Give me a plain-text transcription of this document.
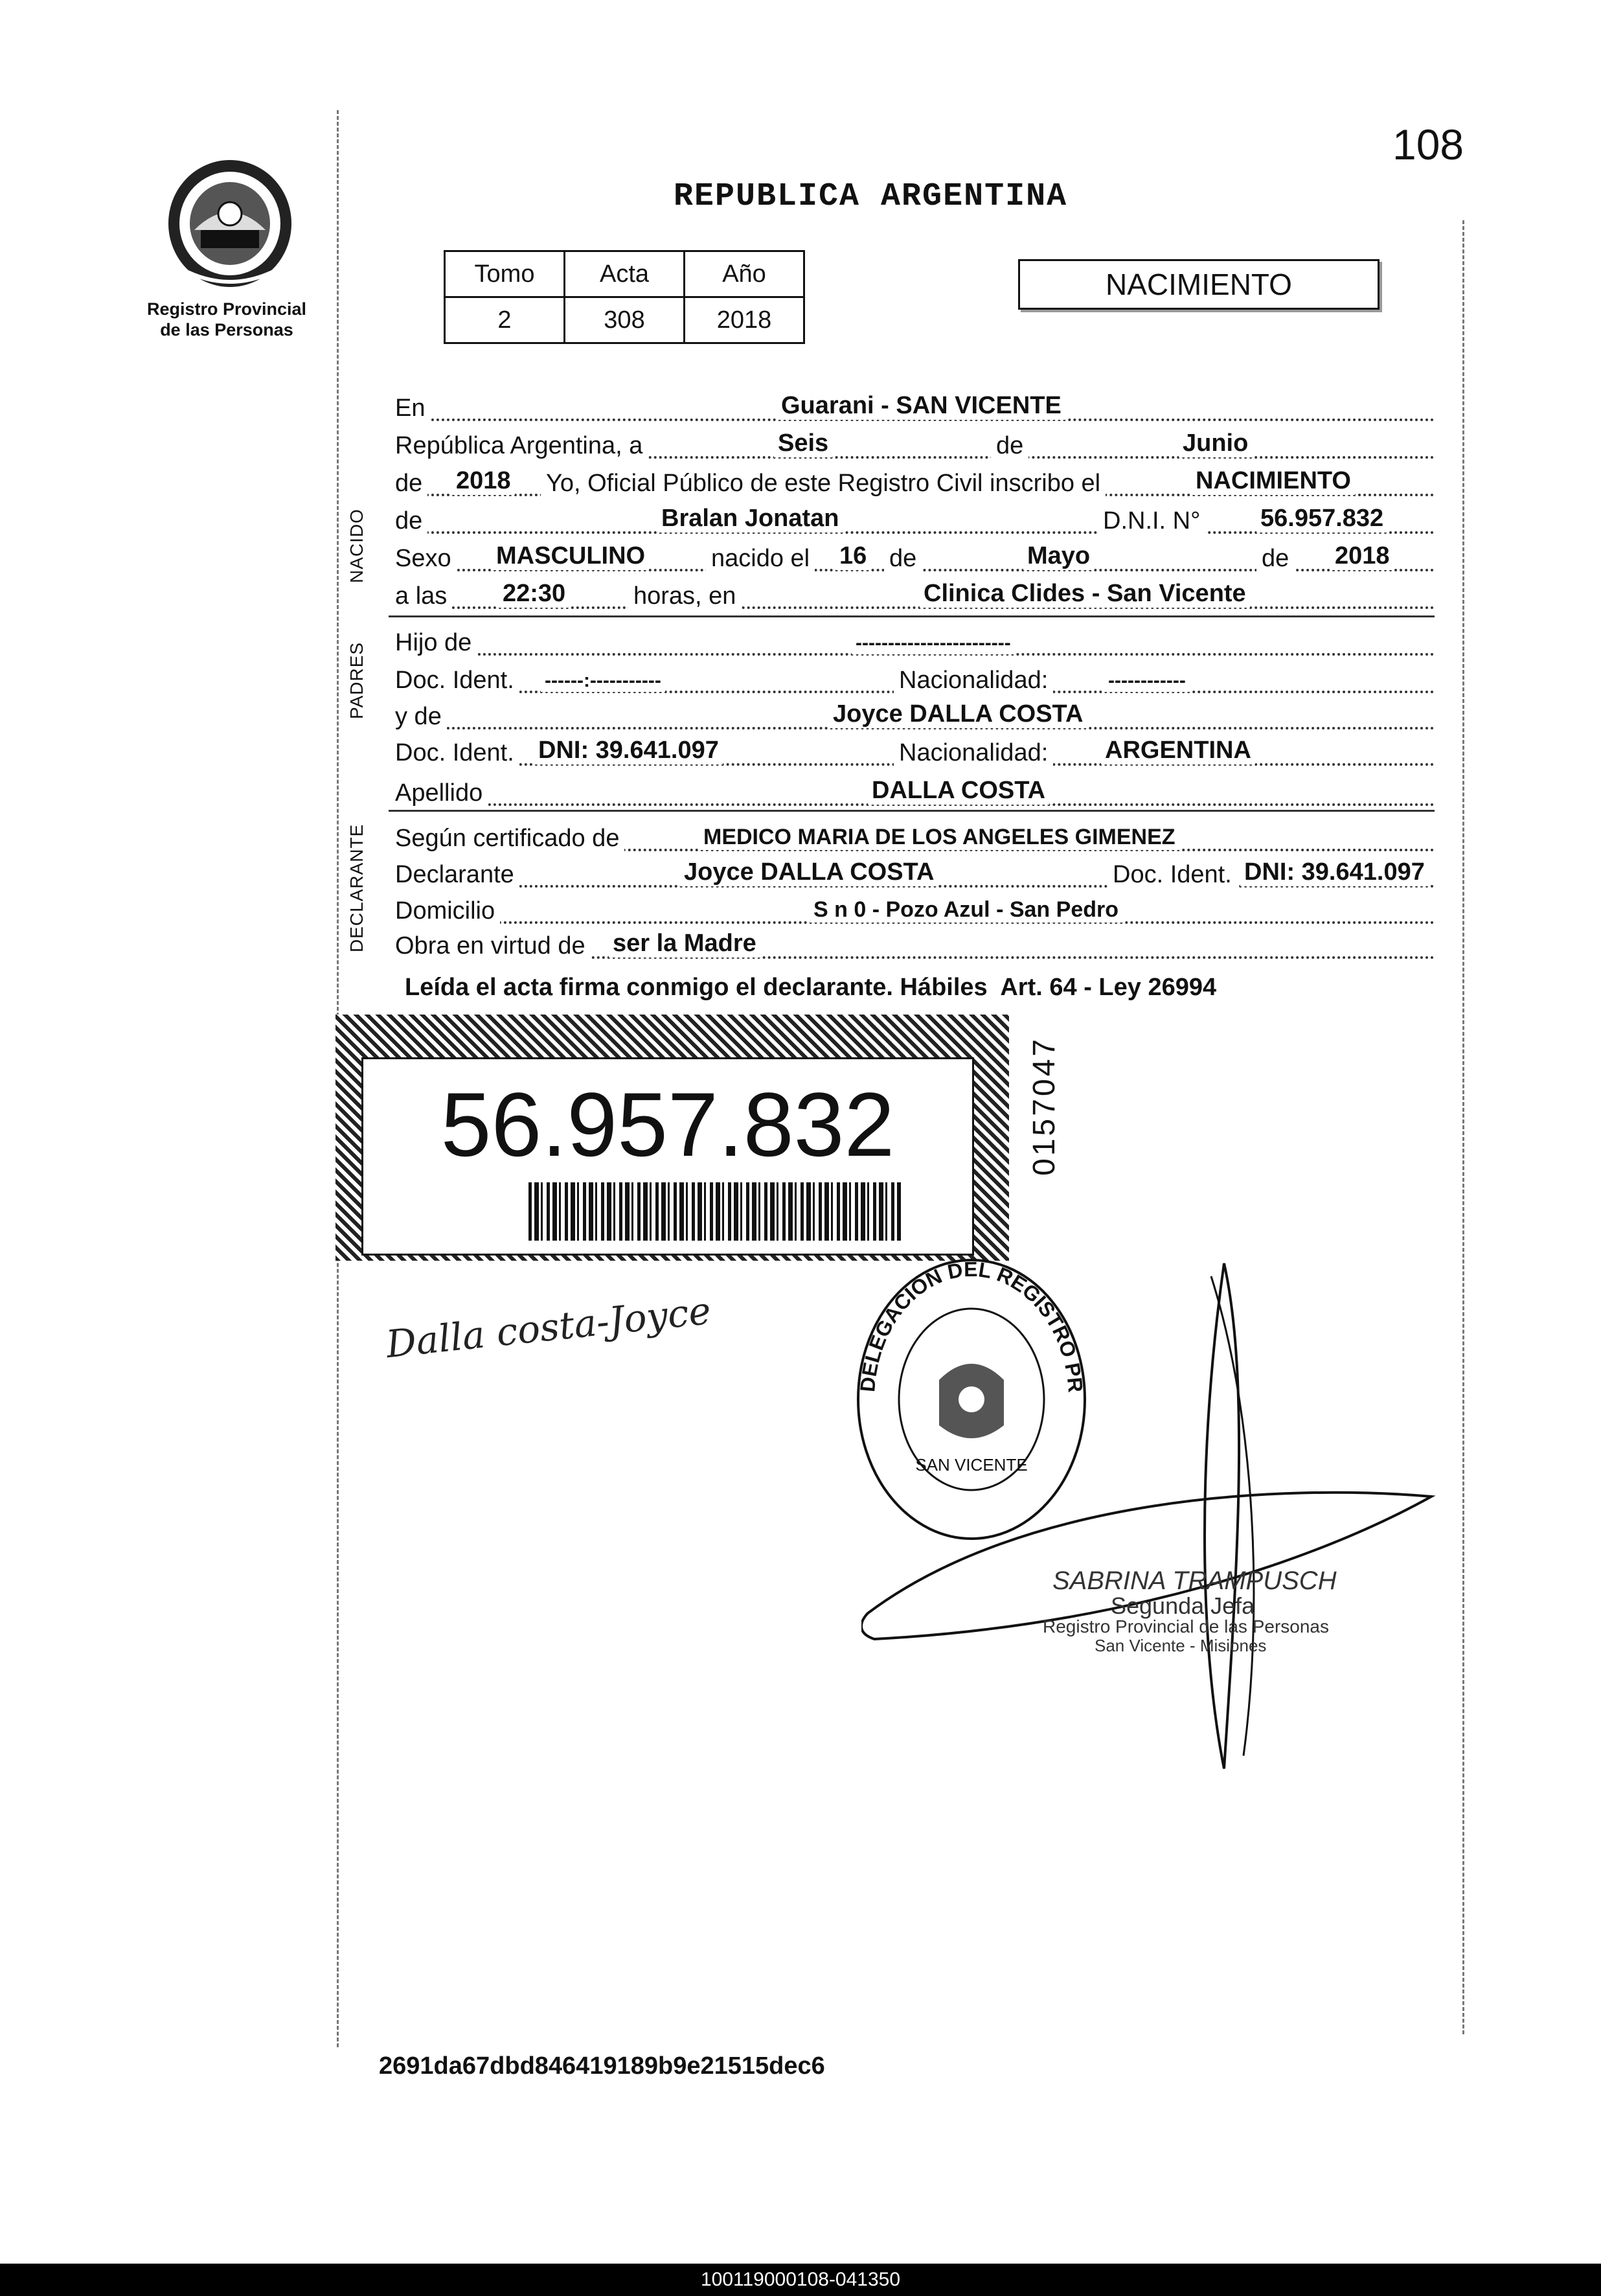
108
Registro Provincial
de las Personas
REPUBLICA ARGENTINA
Tomo	Acta	Año
2	308	2018
NACIMIENTO
NACIDO
PADRES
DECLARANTE
En	Guarani - SAN VICENTE
República Argentina, a	Seis	de	Junio
de 2018 Yo, Oficial Público de este Registro Civil inscribo el	NACIMIENTO
de	Bralan Jonatan	D.N.I. N° 56.957.832
Sexo MASCULINO	nacido el 16 de	Mayo	de 2018
a las 22:30	horas, en	Clinica Clides - San Vicente
Hijo de	------------------------
Doc. Ident. ------:-----------	Nacionalidad:	------------
y de	Joyce DALLA COSTA
Doc. Ident. DNI: 39.641.097	Nacionalidad: ARGENTINA
Apellido	DALLA COSTA
Según certificado de	MEDICO MARIA DE LOS ANGELES GIMENEZ
Declarante	Joyce DALLA COSTA	Doc. Ident. DNI: 39.641.097
Domicilio	S n 0 - Pozo Azul - San Pedro
Obra en virtud de ser la Madre
Leída el acta firma conmigo el declarante. Hábiles  Art. 64 - Ley 26994
56.957.832	0157047
Dalla costa-Joyce
DELEGACION DEL REGISTRO PR
SAN VICENTE
SABRINA TRAMPUSCH
Segunda Jefa
Registro Provincial de las Personas
San Vicente - Misiones
2691da67dbd846419189b9e21515dec6
100119000108-041350
